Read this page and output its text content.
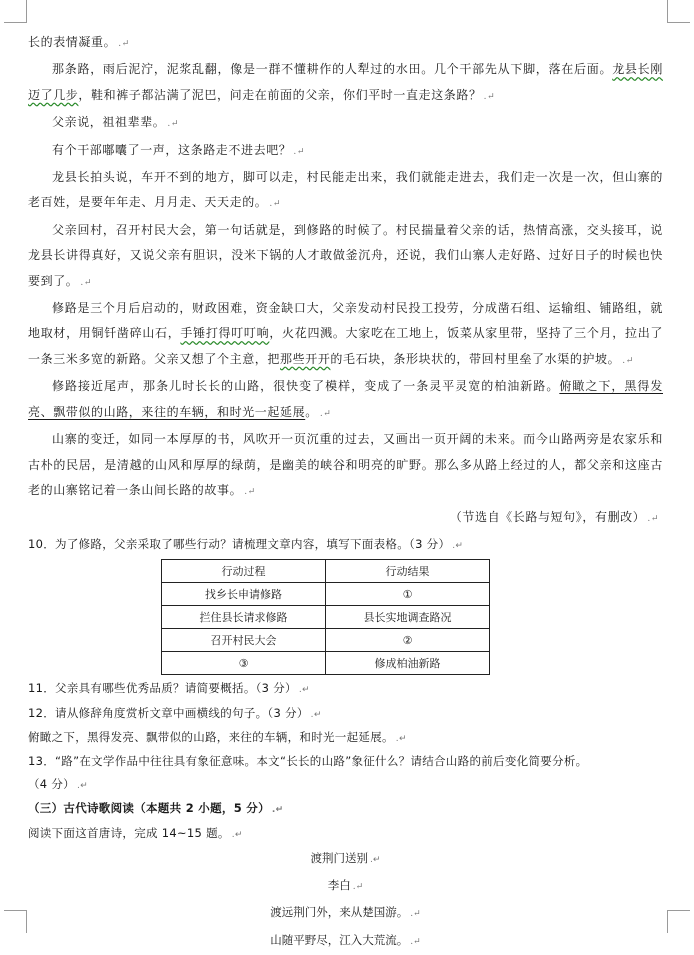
长的表情凝重。 .↵

那条路，雨后泥泞，泥浆乱翻，像是一群不懂耕作的人犁过的水田。几个干部先从下脚，落在后面。龙县长刚迈了几步，鞋和裤子都沾满了泥巴，问走在前面的父亲，你们平时一直走这条路？ .↵

父亲说，祖祖辈辈。 .↵

有个干部嘟囔了一声，这条路走不进去吧？ .↵

龙县长拍头说，车开不到的地方，脚可以走，村民能走出来，我们就能走进去，我们走一次是一次，但山寨的老百姓，是要年年走、月月走、天天走的。 .↵

父亲回村，召开村民大会，第一句话就是，到修路的时候了。村民揣量着父亲的话，热情高涨，交头接耳，说龙县长讲得真好，又说父亲有胆识，没米下锅的人才敢做釜沉舟，还说，我们山寨人走好路、过好日子的时候也快要到了。 .↵

修路是三个月后启动的，财政困难，资金缺口大，父亲发动村民投工投劳，分成凿石组、运输组、铺路组，就地取材，用铜钎凿碎山石，手锤打得叮叮响，火花四溅。大家吃在工地上，饭菜从家里带，坚持了三个月，拉出了一条三米多宽的新路。父亲又想了个主意，把那些开开的毛石块，条形块状的，带回村里垒了水渠的护坡。 .↵

修路接近尾声，那条儿时长长的山路，很快变了模样，变成了一条灵平灵宽的柏油新路。俯瞰之下，黑得发亮、飘带似的山路，来往的车辆，和时光一起延展。 .↵

山寨的变迁，如同一本厚厚的书，风吹开一页沉重的过去，又画出一页开阔的未来。而今山路两旁是农家乐和古朴的民居，是清越的山风和厚厚的绿荫，是幽美的峡谷和明亮的旷野。那么多从路上经过的人，都父亲和这座古老的山寨铭记着一条山间长路的故事。 .↵

（节选自《长路与短句》，有删改） .↵

10．为了修路，父亲采取了哪些行动？请梳理文章内容，填写下面表格。（3 分） .↵

行动过程	行动结果
找乡长申请修路	①
拦住县长请求修路	县长实地调查路况
召开村民大会	②
③	修成柏油新路

11．父亲具有哪些优秀品质？请简要概括。（3 分） .↵

12．请从修辞角度赏析文章中画横线的句子。（3 分） .↵

俯瞰之下，黑得发亮、飘带似的山路，来往的车辆，和时光一起延展。 .↵

13．“路”在文学作品中往往具有象征意味。本文“长长的山路”象征什么？请结合山路的前后变化简要分析。

（4 分） .↵

（三）古代诗歌阅读（本题共 2 小题，5 分） .↵

阅读下面这首唐诗，完成 14~15 题。 .↵

渡荆门送别 .↵

李白 .↵

渡远荆门外，来从楚国游。 .↵

山随平野尽，江入大荒流。 .↵
